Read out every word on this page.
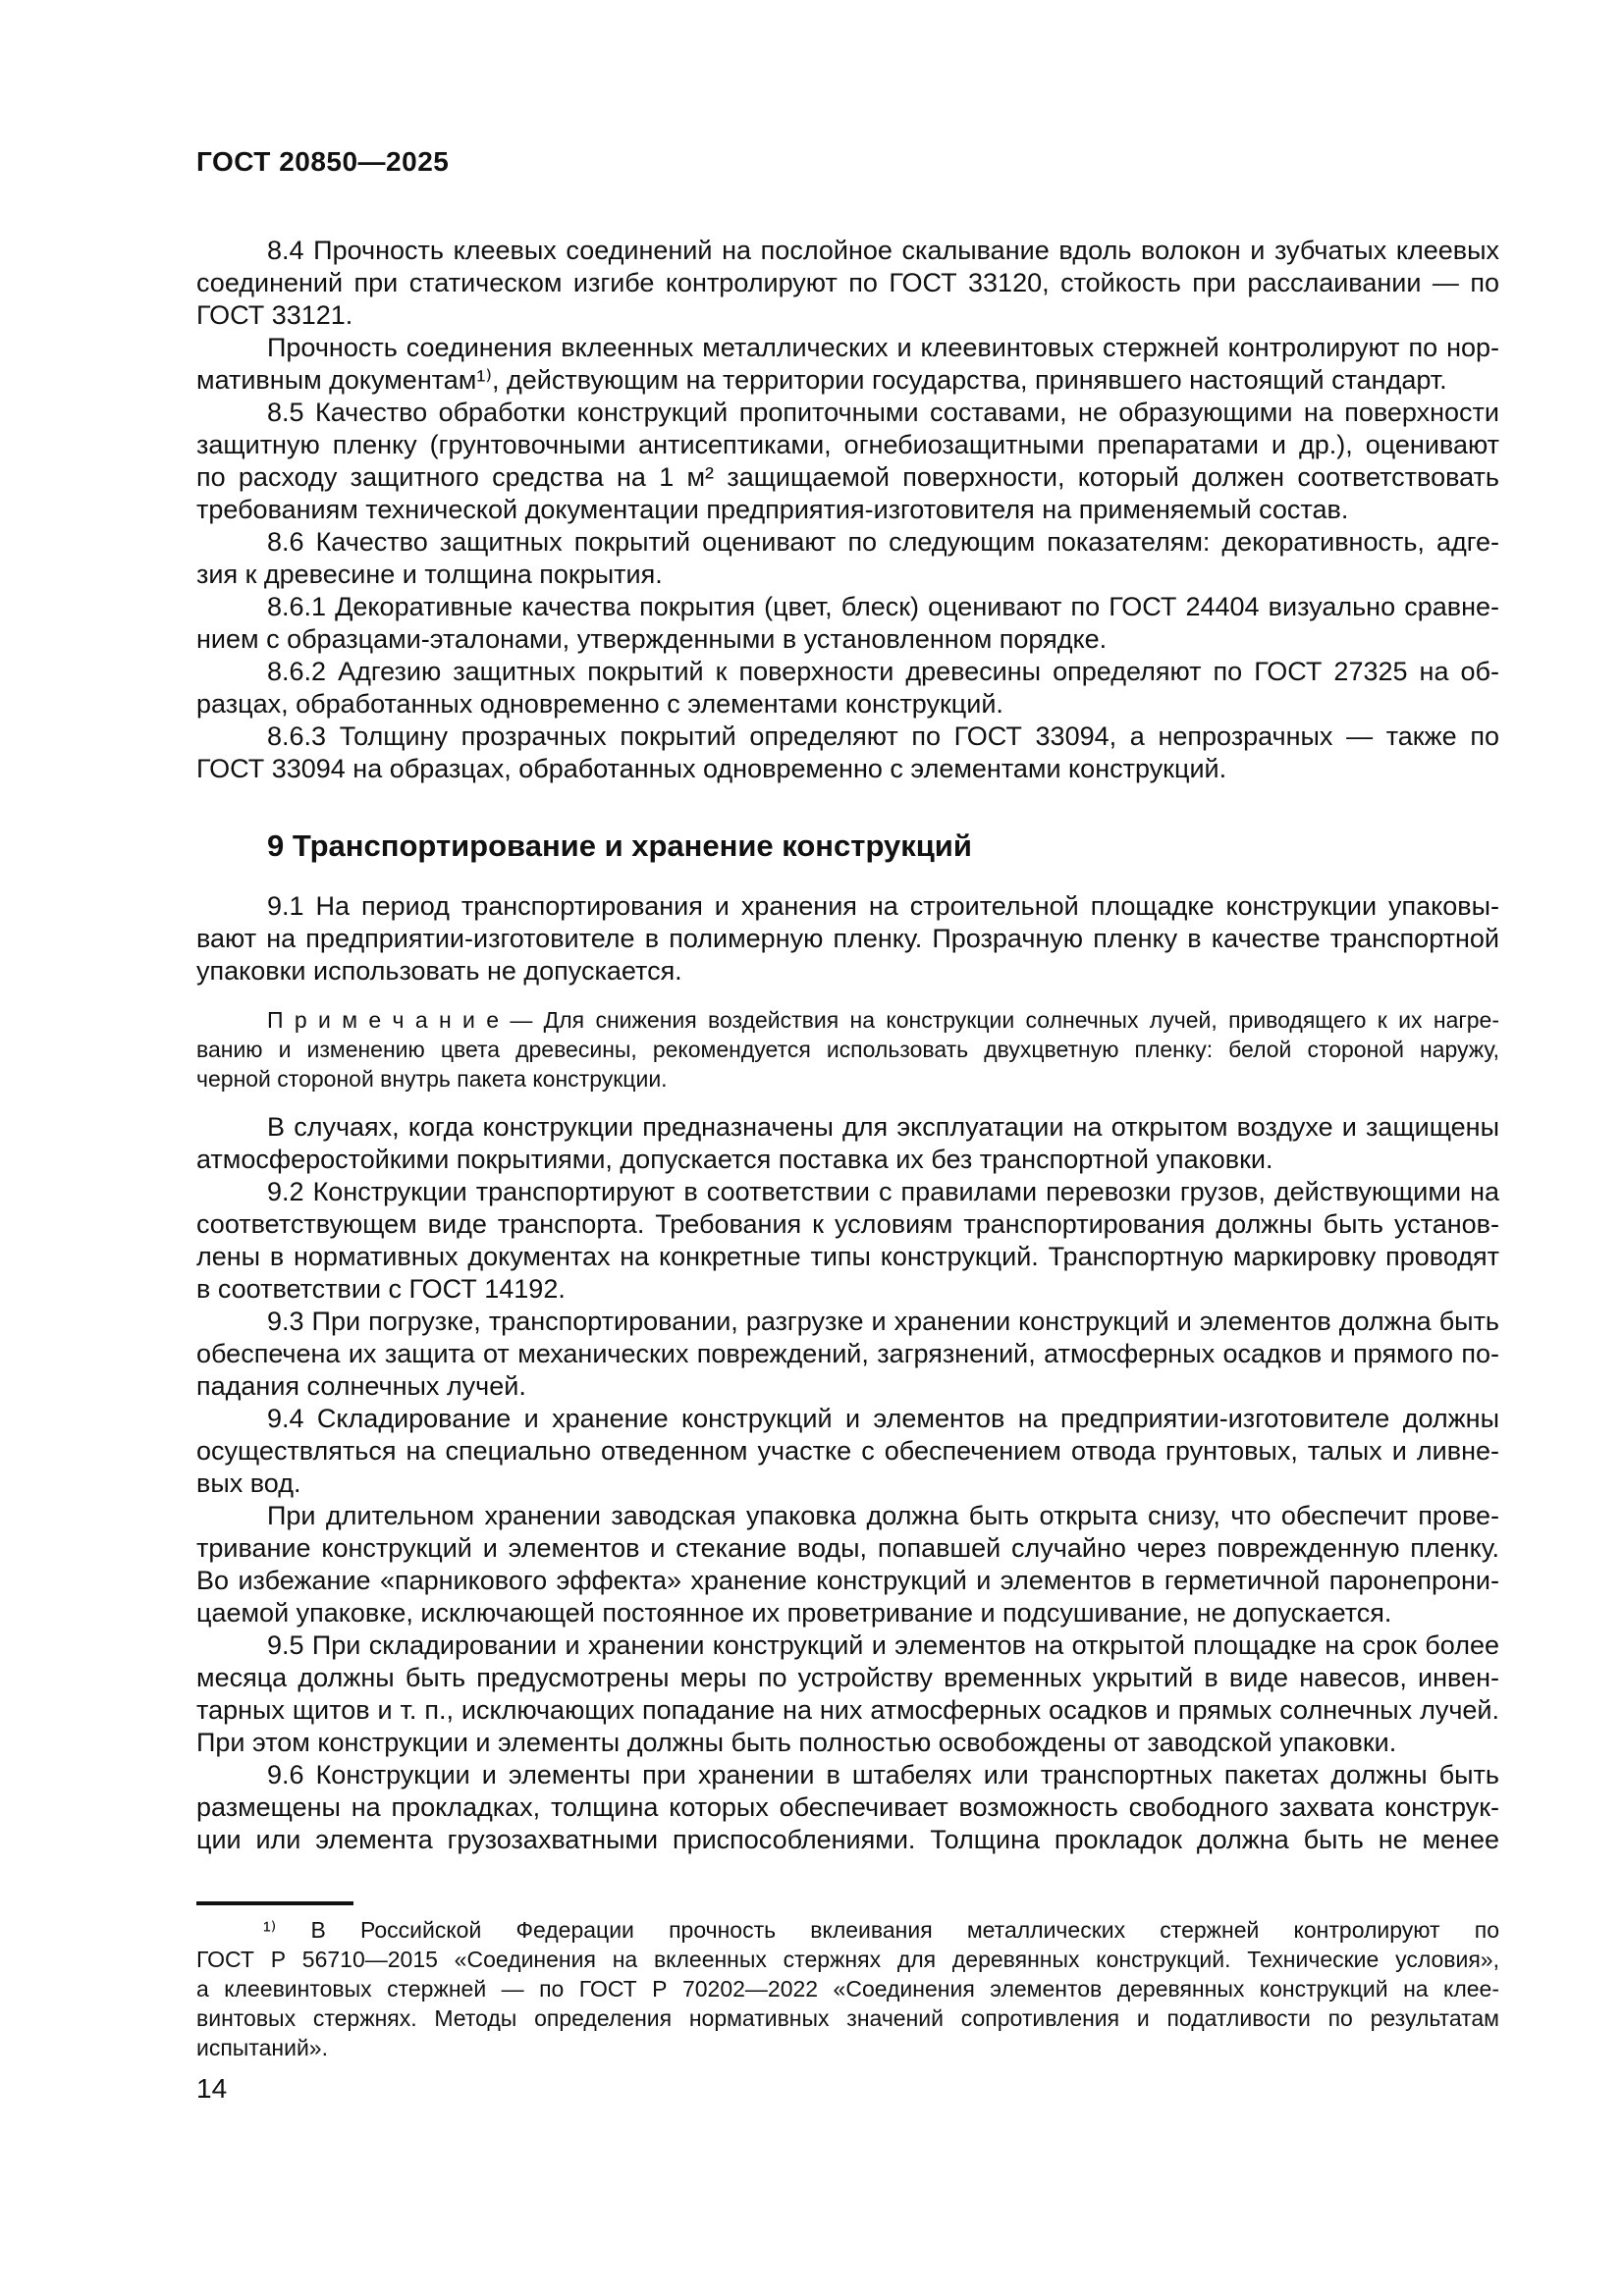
ГОСТ 20850—2025
8.4 Прочность клеевых соединений на послойное скалывание вдоль волокон и зубчатых клеевых
соединений при статическом изгибе контролируют по ГОСТ 33120, стойкость при расслаивании — по
ГОСТ 33121.
Прочность соединения вклеенных металлических и клеевинтовых стержней контролируют по нор-
мативным документам¹⁾, действующим на территории государства, принявшего настоящий стандарт.
8.5 Качество обработки конструкций пропиточными составами, не образующими на поверхности
защитную пленку (грунтовочными антисептиками, огнебиозащитными препаратами и др.), оценивают
по расходу защитного средства на 1 м² защищаемой поверхности, который должен соответствовать
требованиям технической документации предприятия-изготовителя на применяемый состав.
8.6 Качество защитных покрытий оценивают по следующим показателям: декоративность, адге-
зия к древесине и толщина покрытия.
8.6.1 Декоративные качества покрытия (цвет, блеск) оценивают по ГОСТ 24404 визуально сравне-
нием с образцами-эталонами, утвержденными в установленном порядке.
8.6.2 Адгезию защитных покрытий к поверхности древесины определяют по ГОСТ 27325 на об-
разцах, обработанных одновременно с элементами конструкций.
8.6.3 Толщину прозрачных покрытий определяют по ГОСТ 33094, а непрозрачных — также по
ГОСТ 33094 на образцах, обработанных одновременно с элементами конструкций.
9 Транспортирование и хранение конструкций
9.1 На период транспортирования и хранения на строительной площадке конструкции упаковы-
вают на предприятии-изготовителе в полимерную пленку. Прозрачную пленку в качестве транспортной
упаковки использовать не допускается.
П р и м е ч а н и е — Для снижения воздействия на конструкции солнечных лучей, приводящего к их нагре-
ванию и изменению цвета древесины, рекомендуется использовать двухцветную пленку: белой стороной наружу,
черной стороной внутрь пакета конструкции.
В случаях, когда конструкции предназначены для эксплуатации на открытом воздухе и защищены
атмосферостойкими покрытиями, допускается поставка их без транспортной упаковки.
9.2 Конструкции транспортируют в соответствии с правилами перевозки грузов, действующими на
соответствующем виде транспорта. Требования к условиям транспортирования должны быть установ-
лены в нормативных документах на конкретные типы конструкций. Транспортную маркировку проводят
в соответствии с ГОСТ 14192.
9.3 При погрузке, транспортировании, разгрузке и хранении конструкций и элементов должна быть
обеспечена их защита от механических повреждений, загрязнений, атмосферных осадков и прямого по-
падания солнечных лучей.
9.4 Складирование и хранение конструкций и элементов на предприятии-изготовителе должны
осуществляться на специально отведенном участке с обеспечением отвода грунтовых, талых и ливне-
вых вод.
При длительном хранении заводская упаковка должна быть открыта снизу, что обеспечит прове-
тривание конструкций и элементов и стекание воды, попавшей случайно через поврежденную пленку.
Во избежание «парникового эффекта» хранение конструкций и элементов в герметичной паронепрони-
цаемой упаковке, исключающей постоянное их проветривание и подсушивание, не допускается.
9.5 При складировании и хранении конструкций и элементов на открытой площадке на срок более
месяца должны быть предусмотрены меры по устройству временных укрытий в виде навесов, инвен-
тарных щитов и т. п., исключающих попадание на них атмосферных осадков и прямых солнечных лучей.
При этом конструкции и элементы должны быть полностью освобождены от заводской упаковки.
9.6 Конструкции и элементы при хранении в штабелях или транспортных пакетах должны быть
размещены на прокладках, толщина которых обеспечивает возможность свободного захвата конструк-
ции или элемента грузозахватными приспособлениями. Толщина прокладок должна быть не менее
¹⁾ В Российской Федерации прочность вклеивания металлических стержней контролируют по
ГОСТ Р 56710—2015 «Соединения на вклеенных стержнях для деревянных конструкций. Технические условия»,
а клеевинтовых стержней — по ГОСТ Р 70202—2022 «Соединения элементов деревянных конструкций на клее-
винтовых стержнях. Методы определения нормативных значений сопротивления и податливости по результатам
испытаний».
14
